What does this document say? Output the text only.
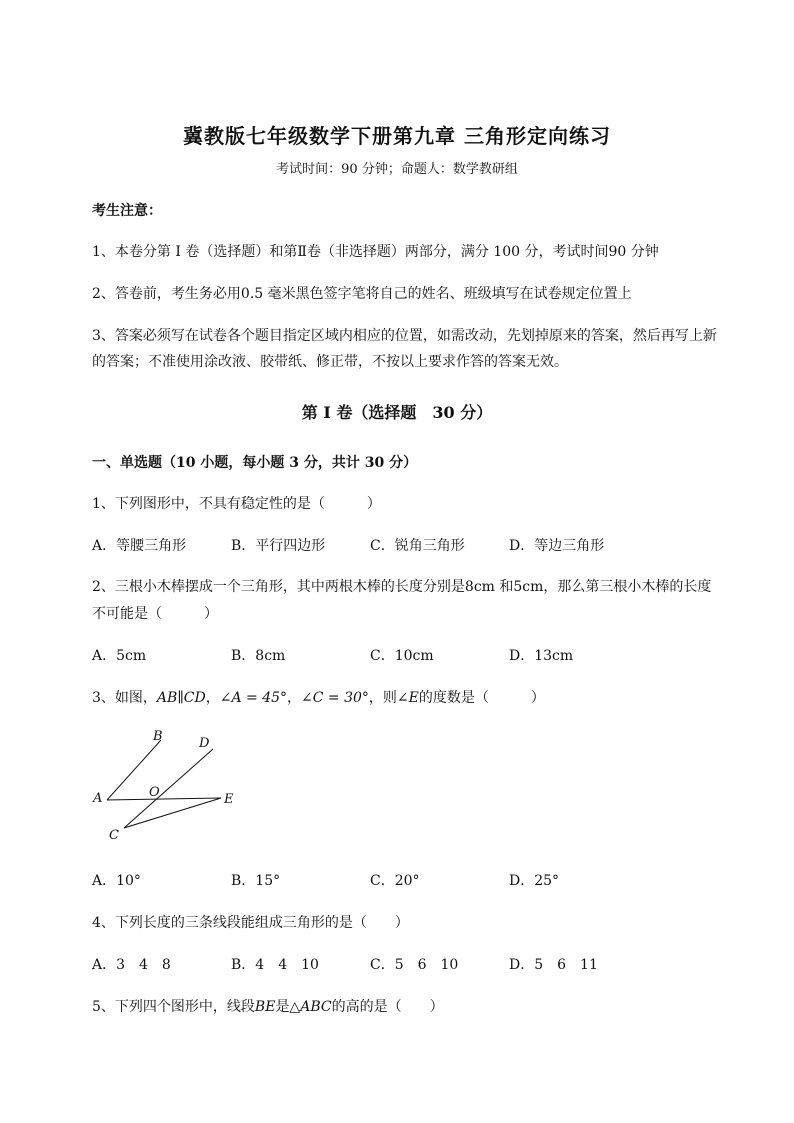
冀教版七年级数学下册第九章 三角形定向练习
考试时间：90 分钟；命题人：数学教研组
考生注意：
1、本卷分第 I 卷（选择题）和第Ⅱ卷（非选择题）两部分，满分 100 分，考试时间90 分钟
2、答卷前，考生务必用0.5 毫米黑色签字笔将自己的姓名、班级填写在试卷规定位置上
3、答案必须写在试卷各个题目指定区域内相应的位置，如需改动，先划掉原来的答案，然后再写上新
的答案；不准使用涂改液、胶带纸、修正带，不按以上要求作答的答案无效。
第 I 卷（选择题　30 分）
一、单选题（10 小题，每小题 3 分，共计 30 分）
1、下列图形中，不具有稳定性的是（　　　）
A．等腰三角形	B．平行四边形	C．锐角三角形	D．等边三角形
2、三根小木棒摆成一个三角形，其中两根木棒的长度分别是8cm 和5cm，那么第三根小木棒的长度
不可能是（　　　）
A．5cm	B．8cm	C．10cm	D．13cm
3、如图，AB∥CD，∠A = 45°，∠C = 30°，则∠E的度数是（　　　）
A
B
C
D
E
O
A．10°	B．15°	C．20°	D．25°
4、下列长度的三条线段能组成三角形的是（　　）
A．3　4　8	B．4　4　10	C．5　6　10	D．5　6　11
5、下列四个图形中，线段BE是△ABC的高的是（　　）
